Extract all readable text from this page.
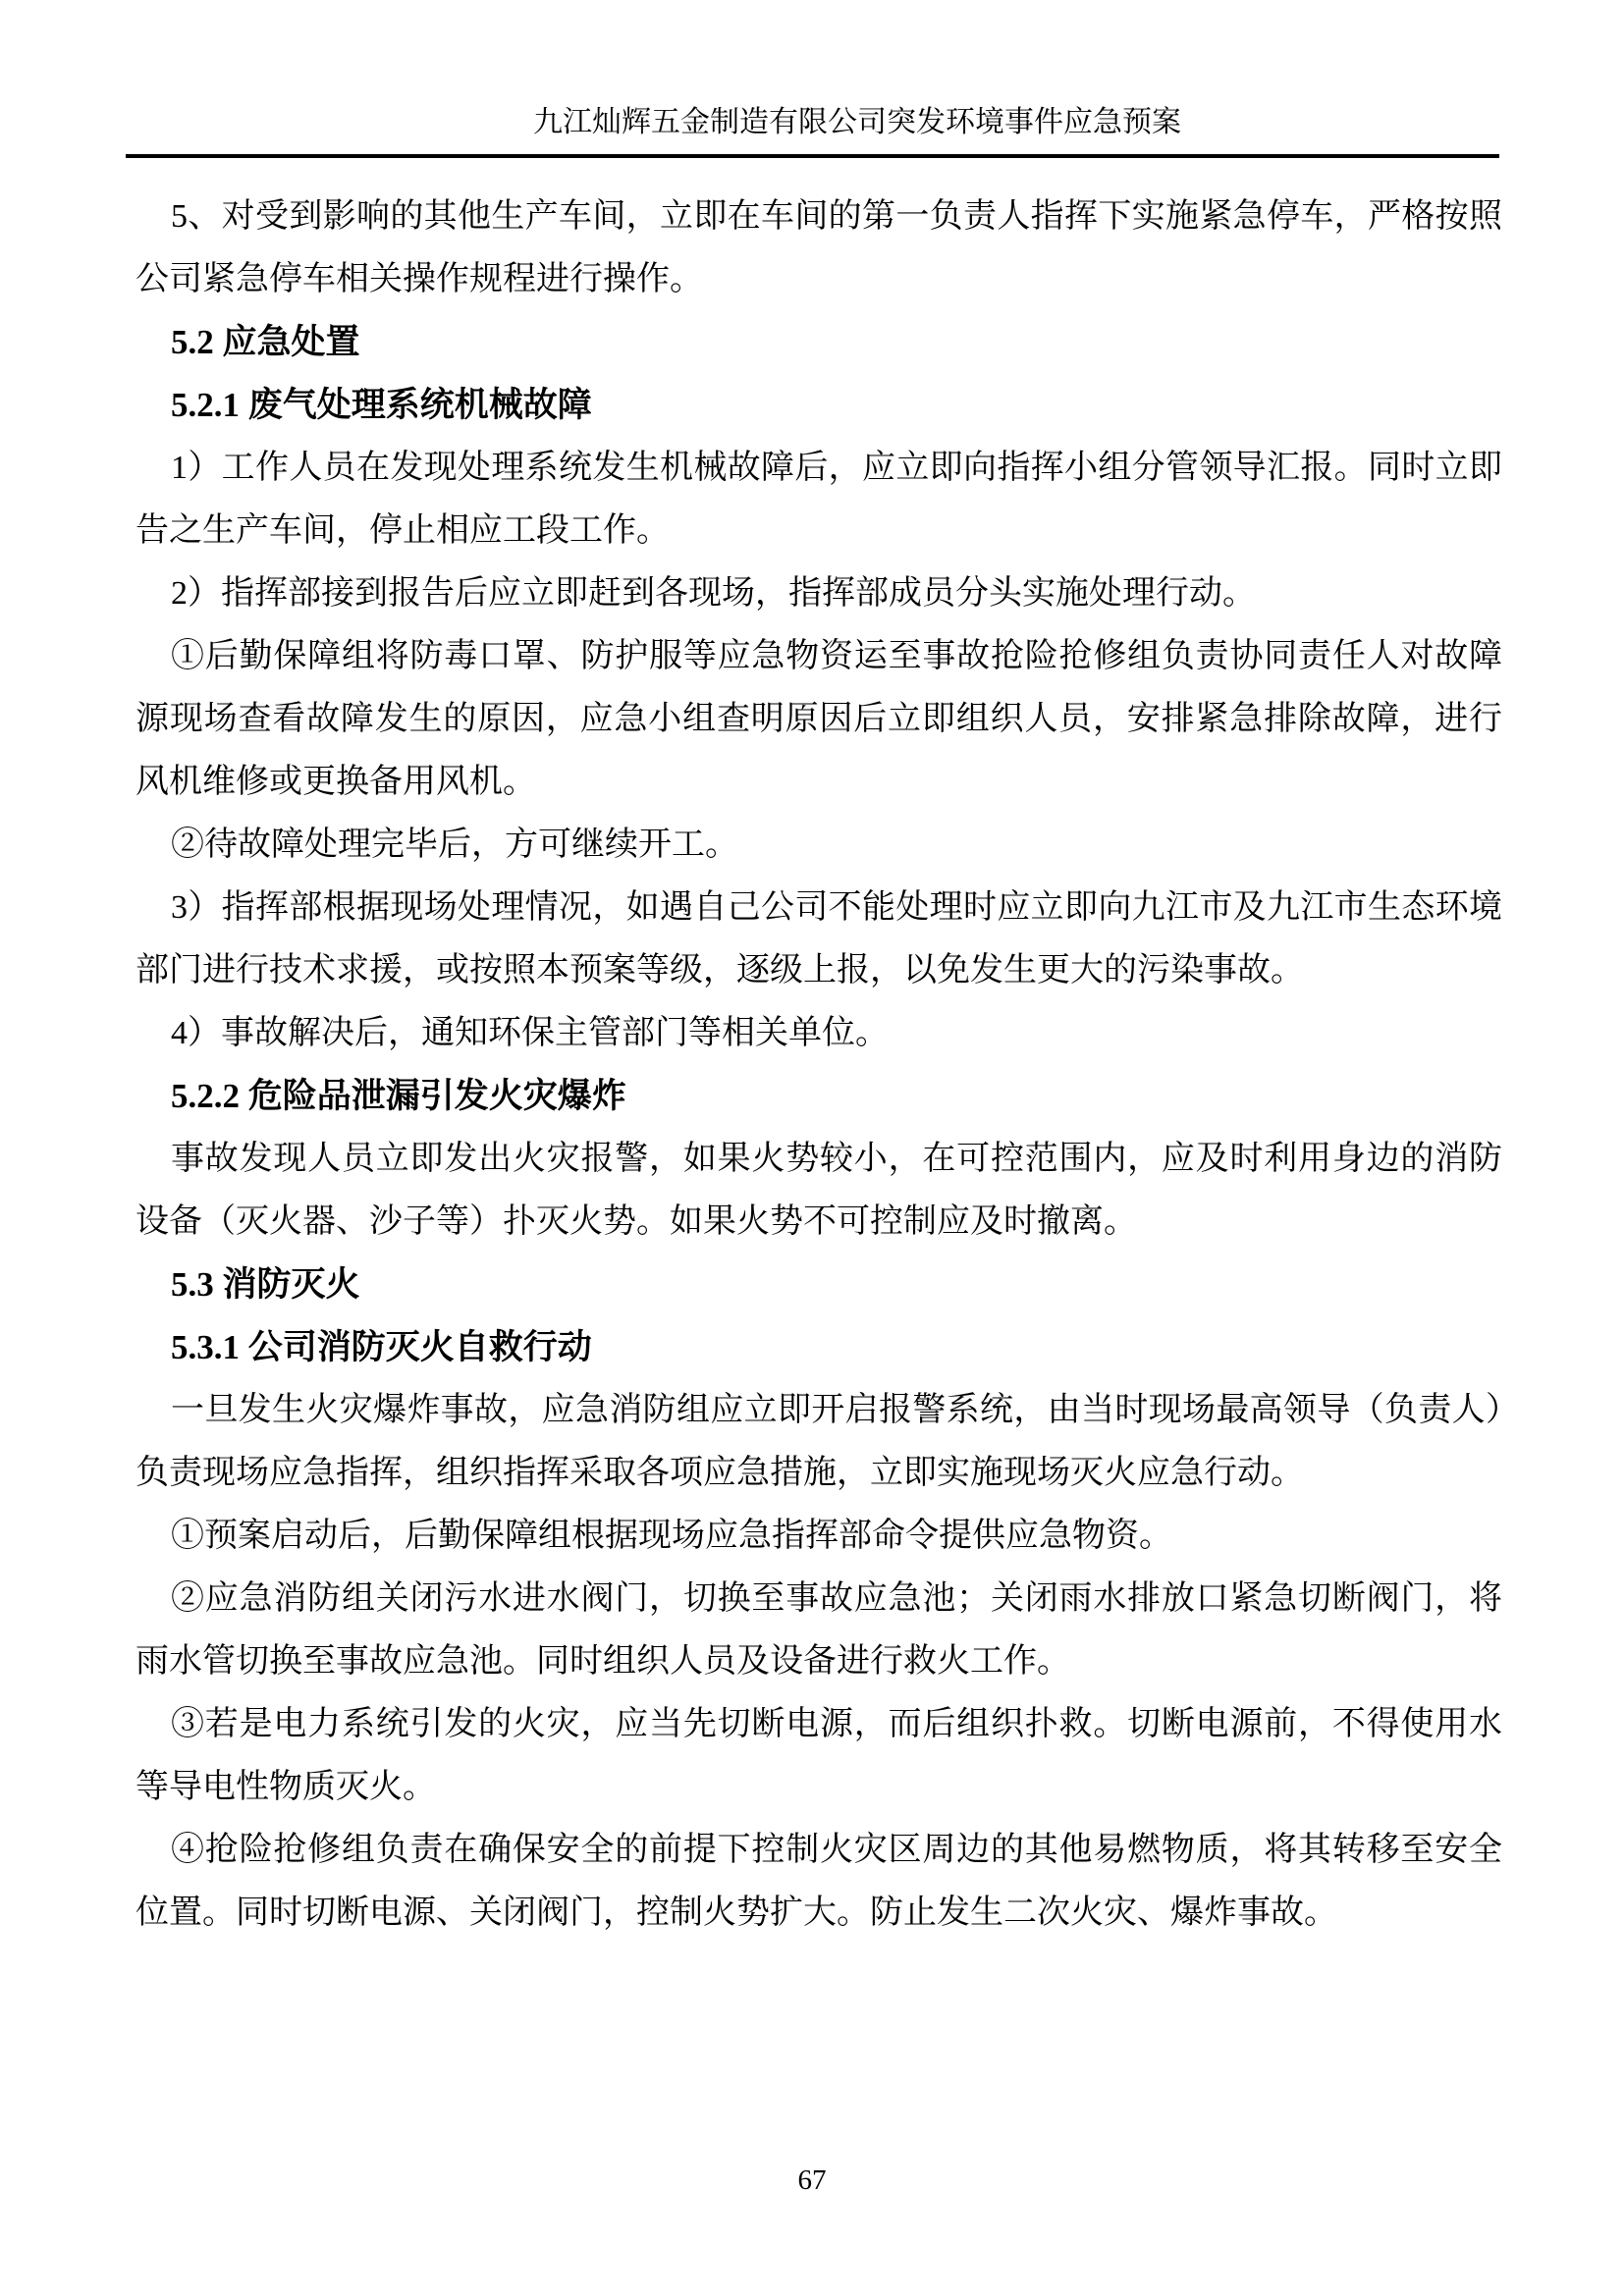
九江灿辉五金制造有限公司突发环境事件应急预案

5、对受到影响的其他生产车间，立即在车间的第一负责人指挥下实施紧急停车，严格按照公司紧急停车相关操作规程进行操作。

5.2 应急处置

5.2.1 废气处理系统机械故障

1）工作人员在发现处理系统发生机械故障后，应立即向指挥小组分管领导汇报。同时立即告之生产车间，停止相应工段工作。

2）指挥部接到报告后应立即赶到各现场，指挥部成员分头实施处理行动。

①后勤保障组将防毒口罩、防护服等应急物资运至事故抢险抢修组负责协同责任人对故障源现场查看故障发生的原因，应急小组查明原因后立即组织人员，安排紧急排除故障，进行风机维修或更换备用风机。

②待故障处理完毕后，方可继续开工。

3）指挥部根据现场处理情况，如遇自己公司不能处理时应立即向九江市及九江市生态环境部门进行技术求援，或按照本预案等级，逐级上报，以免发生更大的污染事故。

4）事故解决后，通知环保主管部门等相关单位。

5.2.2 危险品泄漏引发火灾爆炸

事故发现人员立即发出火灾报警，如果火势较小，在可控范围内，应及时利用身边的消防设备（灭火器、沙子等）扑灭火势。如果火势不可控制应及时撤离。

5.3 消防灭火

5.3.1 公司消防灭火自救行动

一旦发生火灾爆炸事故，应急消防组应立即开启报警系统，由当时现场最高领导（负责人）负责现场应急指挥，组织指挥采取各项应急措施，立即实施现场灭火应急行动。

①预案启动后，后勤保障组根据现场应急指挥部命令提供应急物资。

②应急消防组关闭污水进水阀门，切换至事故应急池；关闭雨水排放口紧急切断阀门，将雨水管切换至事故应急池。同时组织人员及设备进行救火工作。

③若是电力系统引发的火灾，应当先切断电源，而后组织扑救。切断电源前，不得使用水等导电性物质灭火。

④抢险抢修组负责在确保安全的前提下控制火灾区周边的其他易燃物质，将其转移至安全位置。同时切断电源、关闭阀门，控制火势扩大。防止发生二次火灾、爆炸事故。

67
